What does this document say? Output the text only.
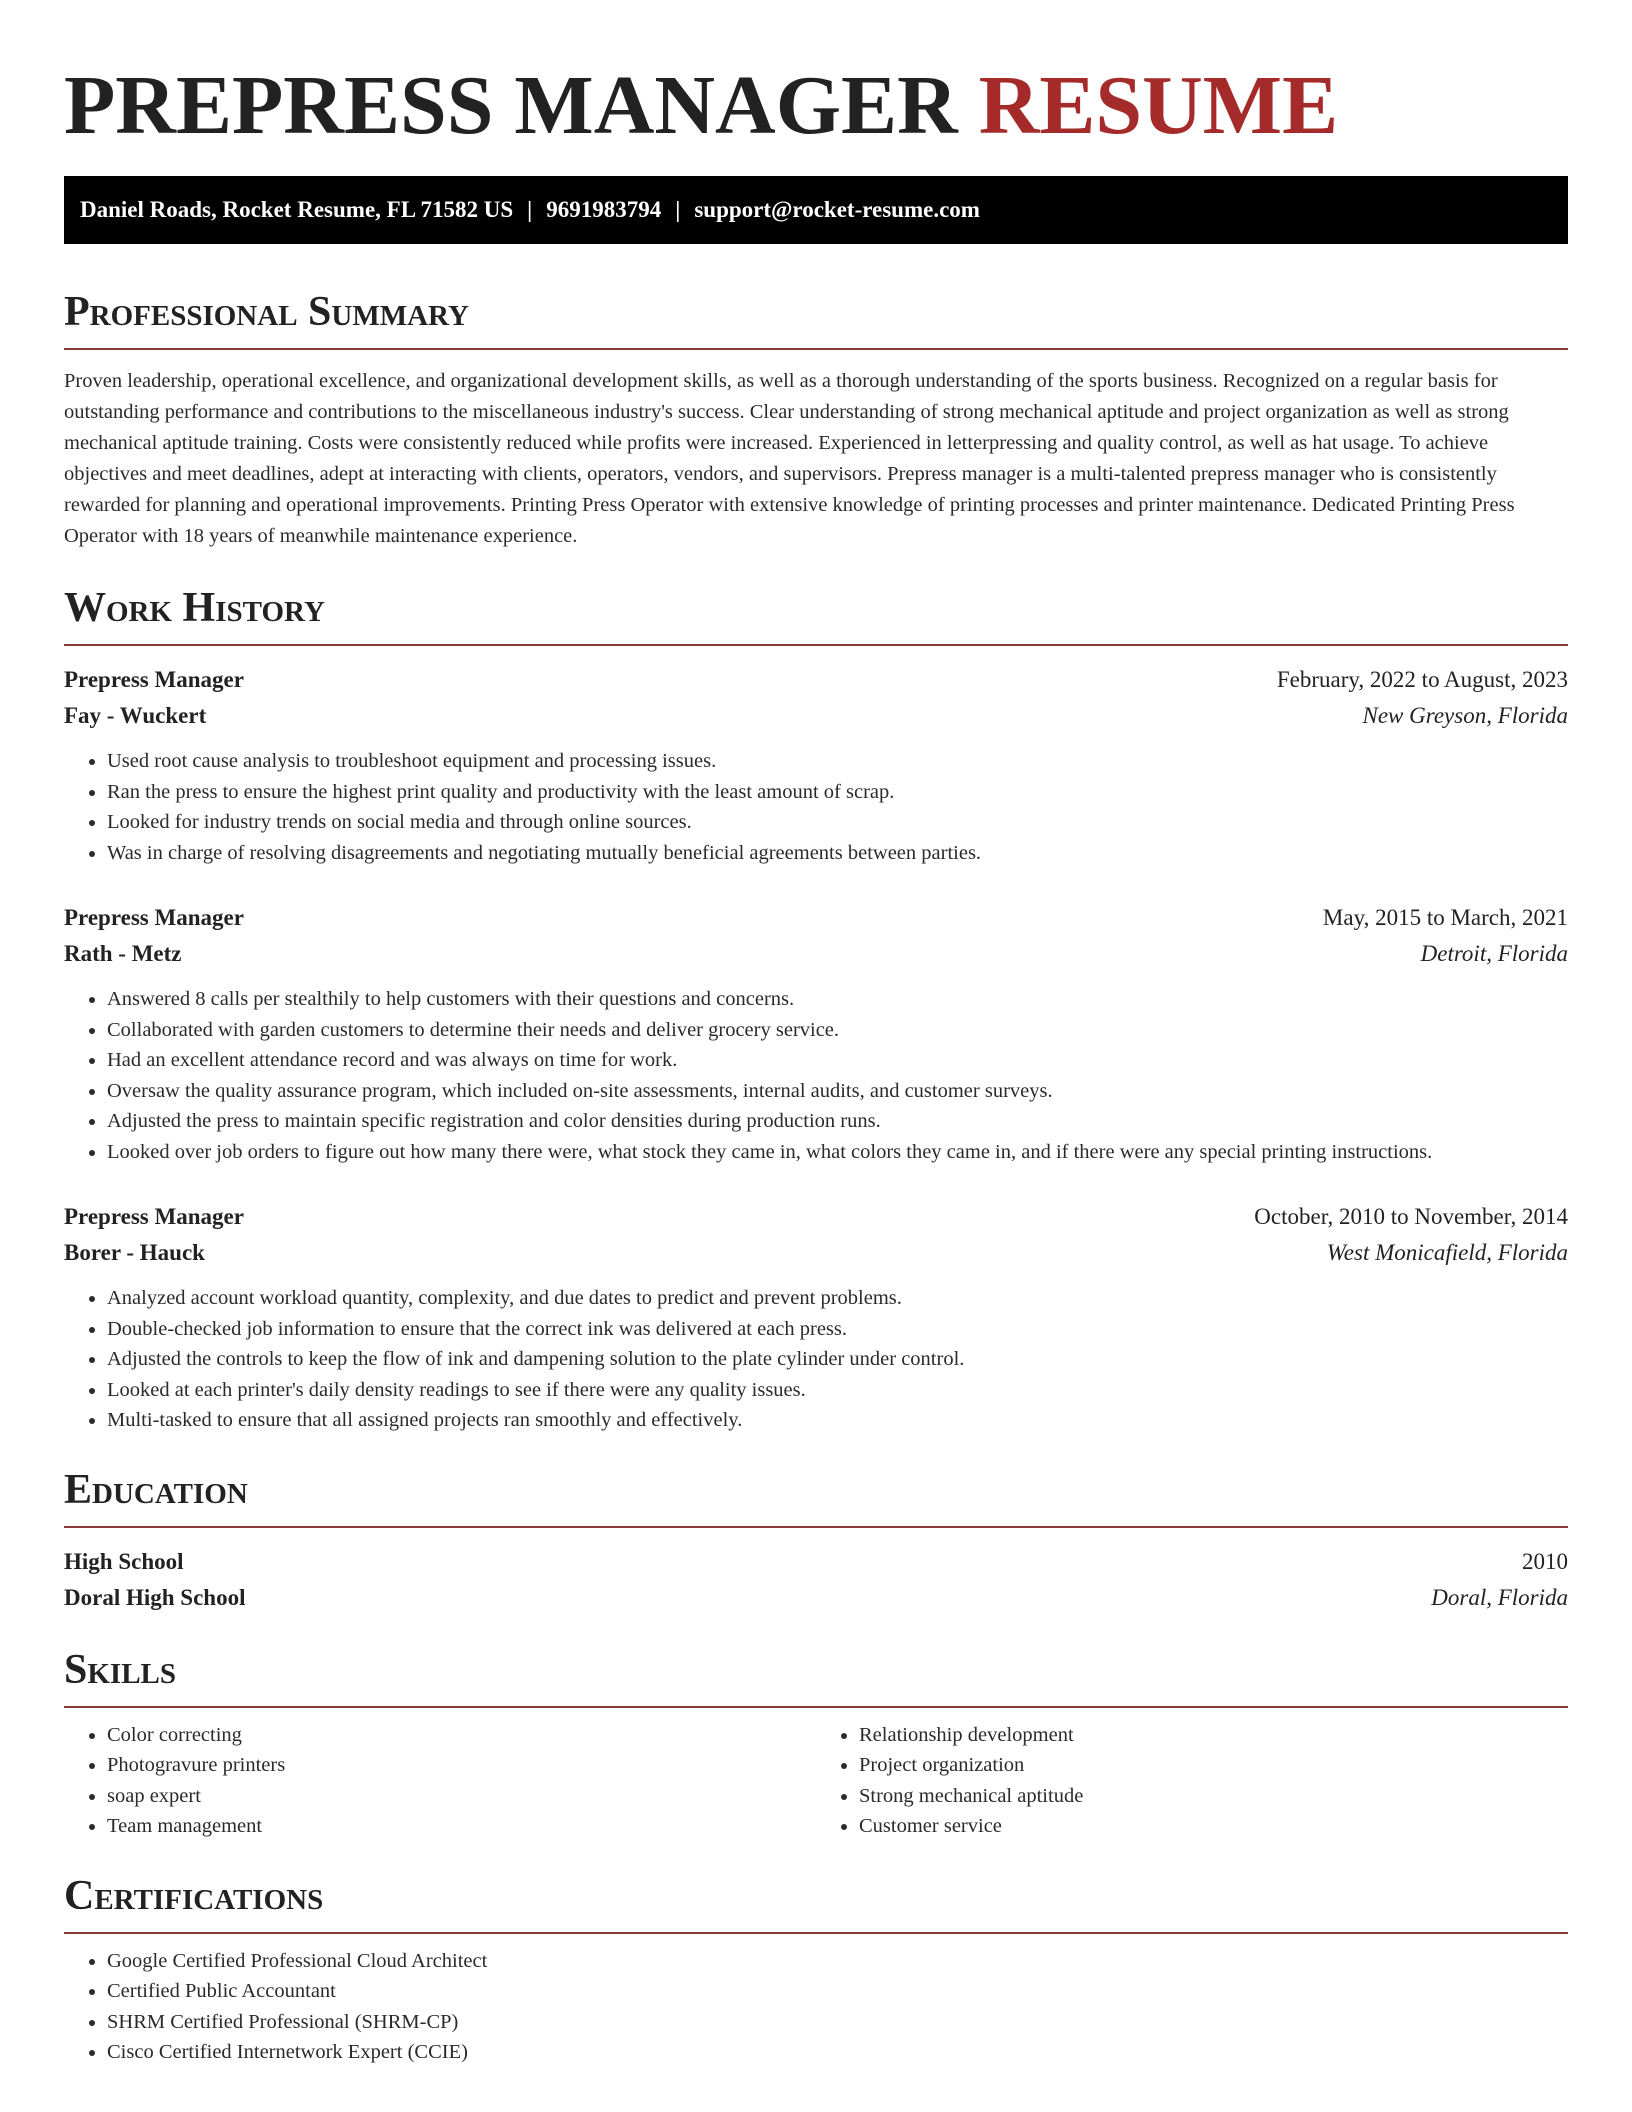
PREPRESS MANAGER RESUME
Daniel Roads, Rocket Resume, FL 71582 US | 9691983794 | support@rocket-resume.com
Professional Summary

Proven leadership, operational excellence, and organizational development skills, as well as a thorough understanding of the sports business. Recognized on a regular basis for outstanding performance and contributions to the miscellaneous industry's success. Clear understanding of strong mechanical aptitude and project organization as well as strong mechanical aptitude training. Costs were consistently reduced while profits were increased. Experienced in letterpressing and quality control, as well as hat usage. To achieve objectives and meet deadlines, adept at interacting with clients, operators, vendors, and supervisors. Prepress manager is a multi-talented prepress manager who is consistently rewarded for planning and operational improvements. Printing Press Operator with extensive knowledge of printing processes and printer maintenance. Dedicated Printing Press Operator with 18 years of meanwhile maintenance experience.

Work History
Prepress Manager	February, 2022 to August, 2023
Fay - Wuckert	New Greyson, Florida
• Used root cause analysis to troubleshoot equipment and processing issues.
• Ran the press to ensure the highest print quality and productivity with the least amount of scrap.
• Looked for industry trends on social media and through online sources.
• Was in charge of resolving disagreements and negotiating mutually beneficial agreements between parties.
Prepress Manager	May, 2015 to March, 2021
Rath - Metz	Detroit, Florida
• Answered 8 calls per stealthily to help customers with their questions and concerns.
• Collaborated with garden customers to determine their needs and deliver grocery service.
• Had an excellent attendance record and was always on time for work.
• Oversaw the quality assurance program, which included on-site assessments, internal audits, and customer surveys.
• Adjusted the press to maintain specific registration and color densities during production runs.
• Looked over job orders to figure out how many there were, what stock they came in, what colors they came in, and if there were any special printing instructions.
Prepress Manager	October, 2010 to November, 2014
Borer - Hauck	West Monicafield, Florida
• Analyzed account workload quantity, complexity, and due dates to predict and prevent problems.
• Double-checked job information to ensure that the correct ink was delivered at each press.
• Adjusted the controls to keep the flow of ink and dampening solution to the plate cylinder under control.
• Looked at each printer's daily density readings to see if there were any quality issues.
• Multi-tasked to ensure that all assigned projects ran smoothly and effectively.
Education
High School	2010
Doral High School	Doral, Florida
Skills
• Color correcting
• Photogravure printers
• soap expert
• Team management
• Relationship development
• Project organization
• Strong mechanical aptitude
• Customer service
Certifications
• Google Certified Professional Cloud Architect
• Certified Public Accountant
• SHRM Certified Professional (SHRM-CP)
• Cisco Certified Internetwork Expert (CCIE)
